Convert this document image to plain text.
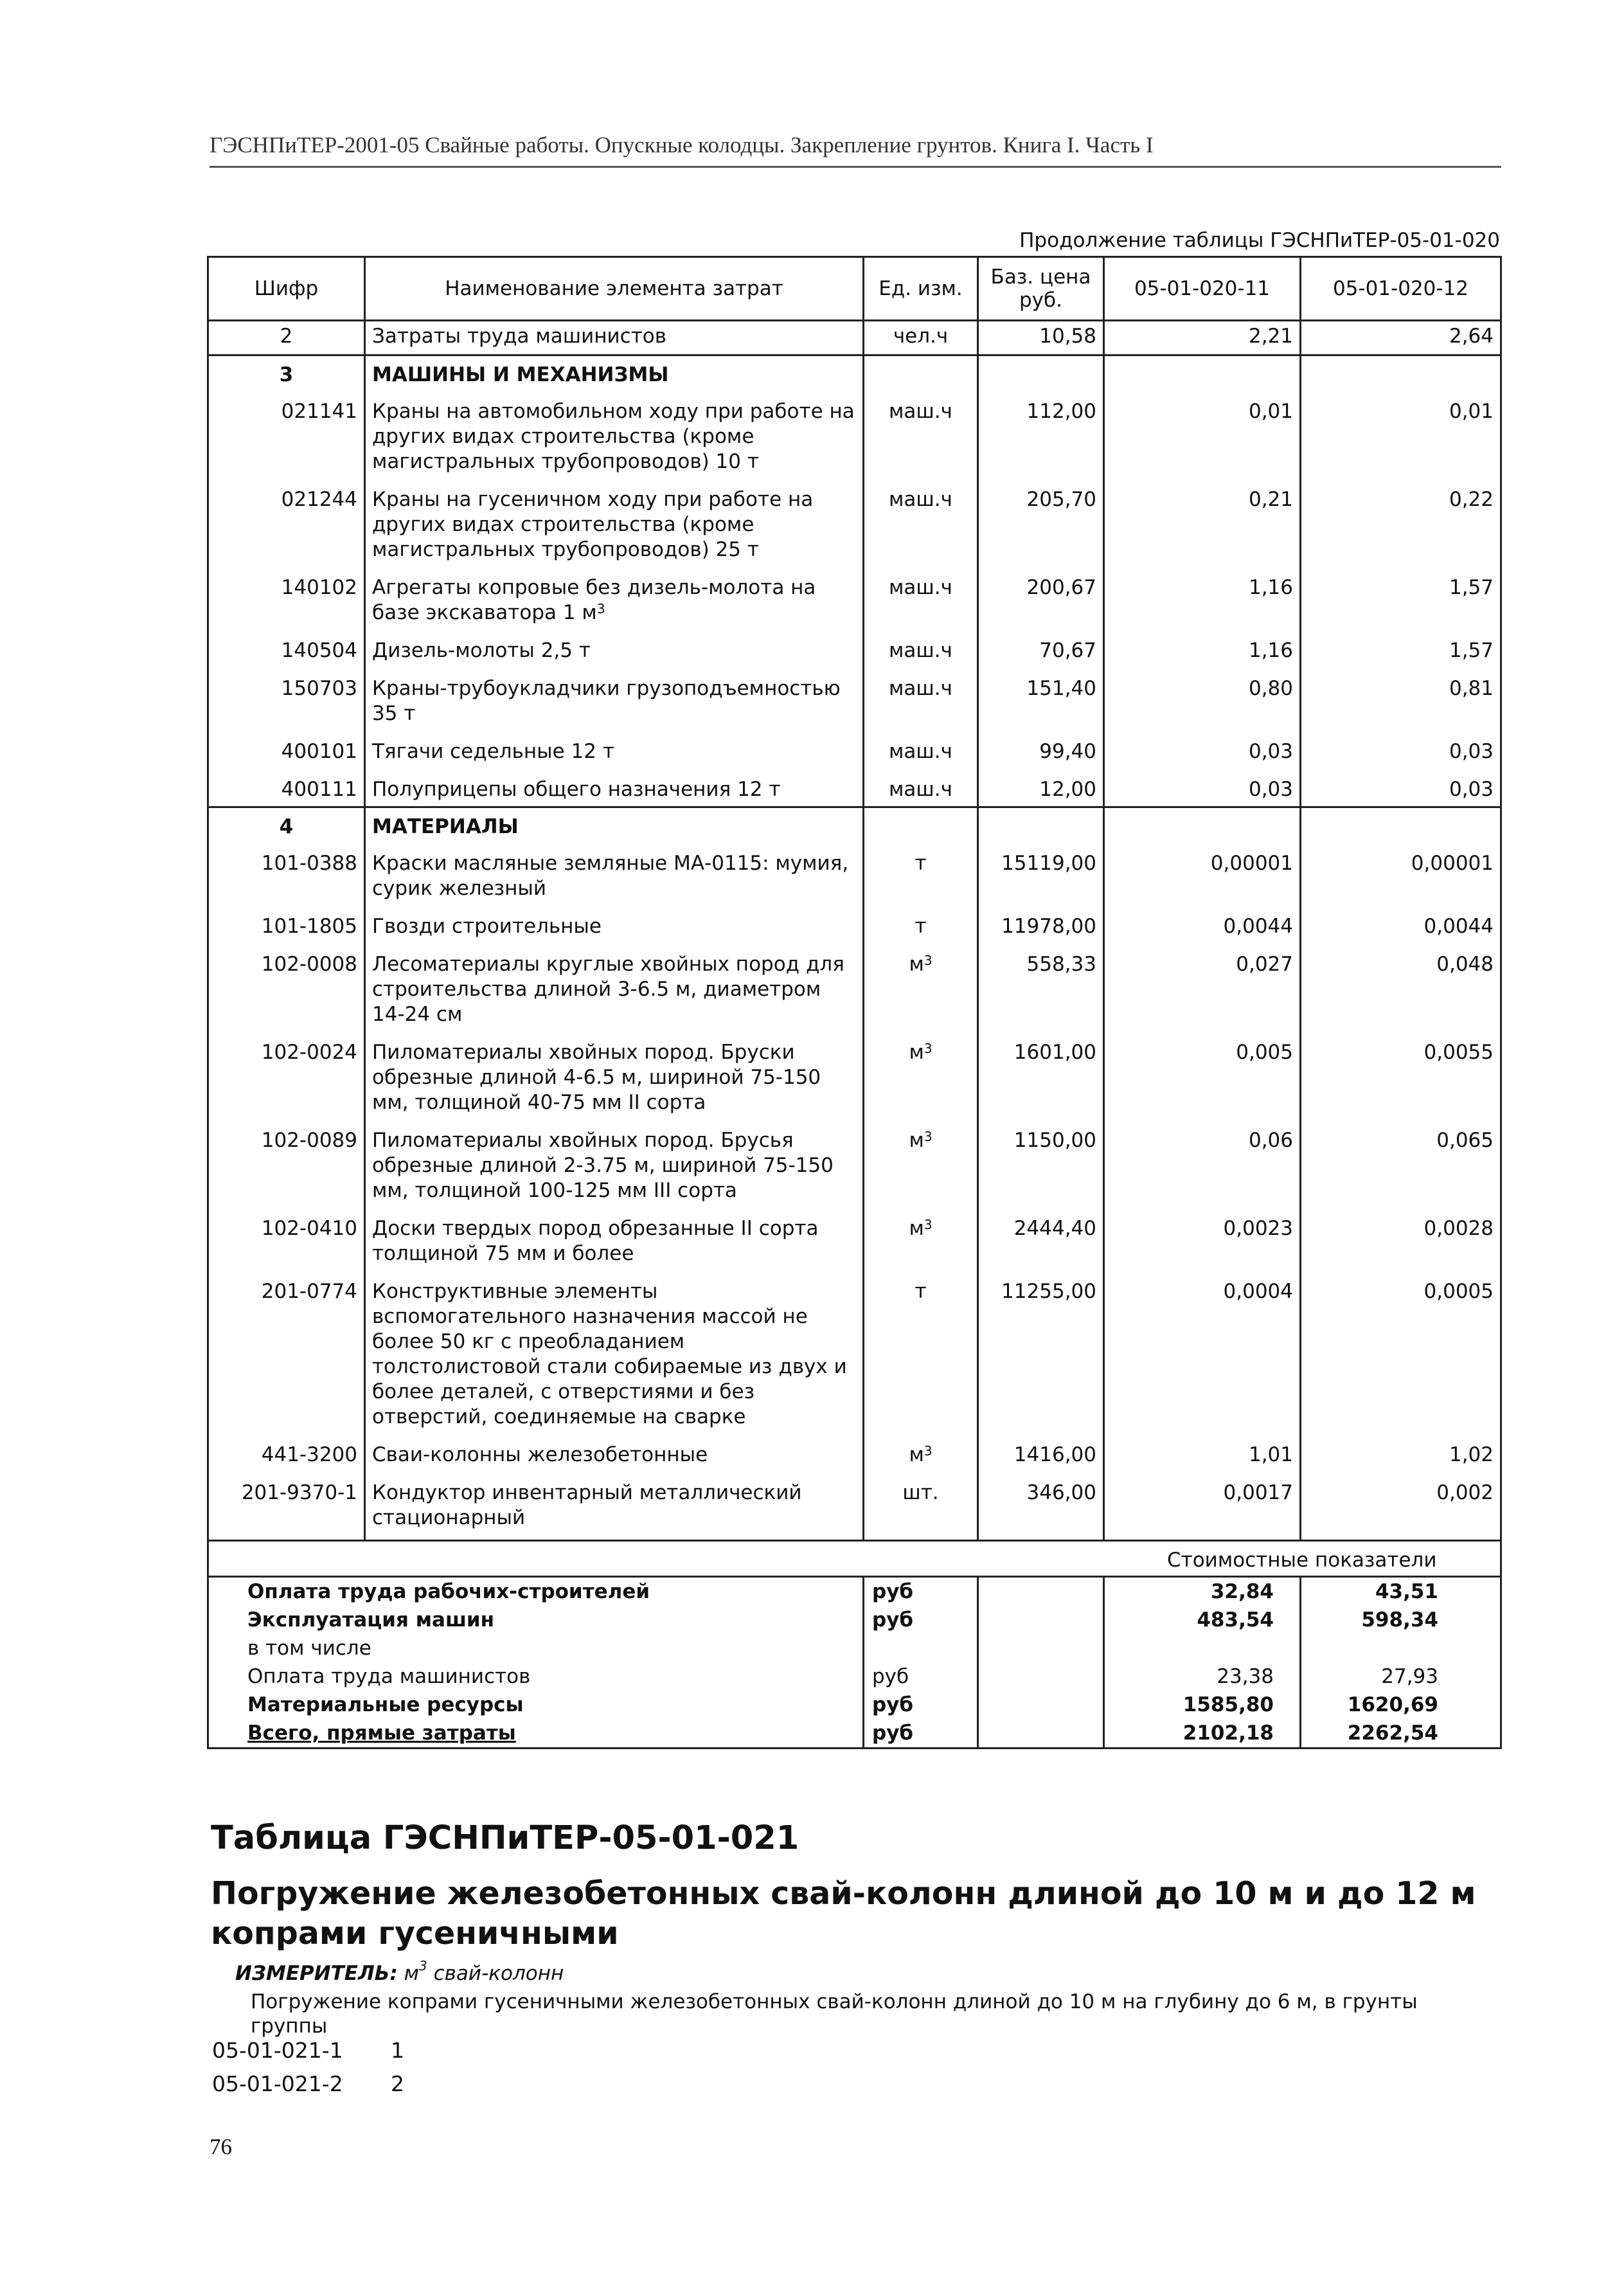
ГЭСНПиТЕР-2001-05 Свайные работы. Опускные колодцы. Закрепление грунтов. Книга I. Часть I
Продолжение таблицы ГЭСНПиТЕР-05-01-020
Шифр	Наименование элемента затрат	Ед. изм.	Баз. цена руб.	05-01-020-11	05-01-020-12
2	Затраты труда машинистов	чел.ч	10,58	2,21	2,64
3	МАШИНЫ И МЕХАНИЗМЫ				
021141	Краны на автомобильном ходу при работе на других видах строительства (кроме магистральных трубопроводов) 10 т	маш.ч	112,00	0,01	0,01
021244	Краны на гусеничном ходу при работе на других видах строительства (кроме магистральных трубопроводов) 25 т	маш.ч	205,70	0,21	0,22
140102	Агрегаты копровые без дизель-молота на базе экскаватора 1 $м^3$	маш.ч	200,67	1,16	1,57
140504	Дизель-молоты 2,5 т	маш.ч	70,67	1,16	1,57
150703	Краны-трубоукладчики грузоподъемностью 35 т	маш.ч	151,40	0,80	0,81
400101	Тягачи седельные 12 т	маш.ч	99,40	0,03	0,03
400111	Полуприцепы общего назначения 12 т	маш.ч	12,00	0,03	0,03
4	МАТЕРИАЛЫ				
101-0388	Краски масляные земляные МА-0115: мумия, сурик железный	т	15119,00	0,00001	0,00001
101-1805	Гвозди строительные	т	11978,00	0,0044	0,0044
102-0008	Лесоматериалы круглые хвойных пород для строительства длиной 3-6.5 м, диаметром 14-24 см	$м^3$	558,33	0,027	0,048
102-0024	Пиломатериалы хвойных пород. Бруски обрезные длиной 4-6.5 м, шириной 75-150 мм, толщиной 40-75 мм II сорта	$м^3$	1601,00	0,005	0,0055
102-0089	Пиломатериалы хвойных пород. Брусья обрезные длиной 2-3.75 м, шириной 75-150 мм, толщиной 100-125 мм III сорта	$м^3$	1150,00	0,06	0,065
102-0410	Доски твердых пород обрезанные II сорта толщиной 75 мм и более	$м^3$	2444,40	0,0023	0,0028
201-0774	Конструктивные элементы вспомогательного назначения массой не более 50 кг с преобладанием толстолистовой стали собираемые из двух и более деталей, с отверстиями и без отверстий, соединяемые на сварке	т	11255,00	0,0004	0,0005
441-3200	Сваи-колонны железобетонные	$м^3$	1416,00	1,01	1,02
201-9370-1	Кондуктор инвентарный металлический стационарный	шт.	346,00	0,0017	0,002

				Стоимостные показатели	
Оплата труда рабочих-строителей		руб		32,84	43,51
Эксплуатация машин		руб		483,54	598,34
в том числе					
Оплата труда машинистов		руб		23,38	27,93
Материальные ресурсы		руб		1585,80	1620,69
Всего, прямые затраты		руб		2102,18	2262,54
Таблица ГЭСНПиТЕР-05-01-021
Погружение железобетонных свай-колонн длиной до 10 м и до 12 м копрами гусеничными
ИЗМЕРИТЕЛЬ: $м^3$ свай-колонн
Погружение копрами гусеничными железобетонных свай-колонн длиной до 10 м на глубину до 6 м, в грунты группы
05-01-021-1 1
05-01-021-2 2
76
